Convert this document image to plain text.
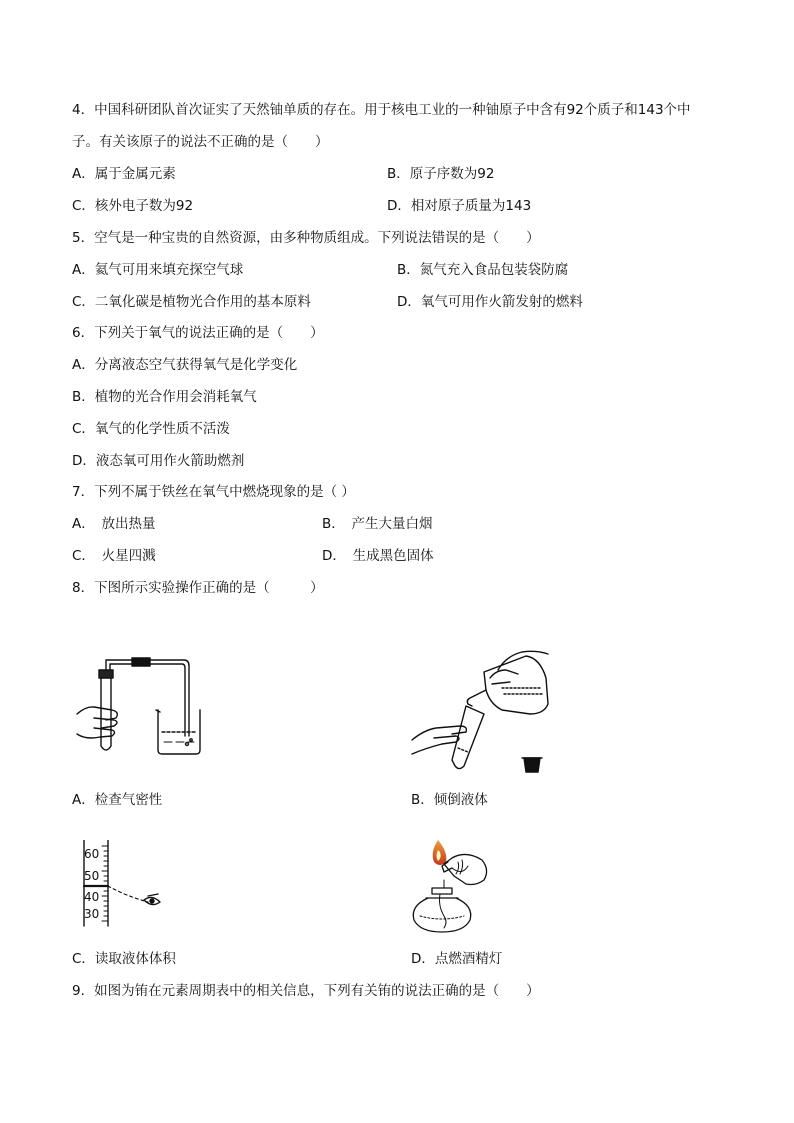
4．中国科研团队首次证实了天然铀单质的存在。用于核电工业的一种铀原子中含有92个质子和143个中
子。有关该原子的说法不正确的是（　　）
A．属于金属元素	B．原子序数为92
C．核外电子数为92	D．相对原子质量为143
5．空气是一种宝贵的自然资源，由多种物质组成。下列说法错误的是（　　）
A．氦气可用来填充探空气球	B．氮气充入食品包装袋防腐
C．二氧化碳是植物光合作用的基本原料	D．氧气可用作火箭发射的燃料
6．下列关于氧气的说法正确的是（　　）
A．分离液态空气获得氧气是化学变化
B．植物的光合作用会消耗氧气
C．氧气的化学性质不活泼
D．液态氧可用作火箭助燃剂
7．下列不属于铁丝在氧气中燃烧现象的是（ ）
A．　放出热量	B．　产生大量白烟
C．　火星四溅	D．　生成黑色固体
8．下图所示实验操作正确的是（　　　）
A．检查气密性	B．倾倒液体
60
50
40
30
C．读取液体体积	D．点燃酒精灯
9．如图为铕在元素周期表中的相关信息，下列有关铕的说法正确的是（　　）
